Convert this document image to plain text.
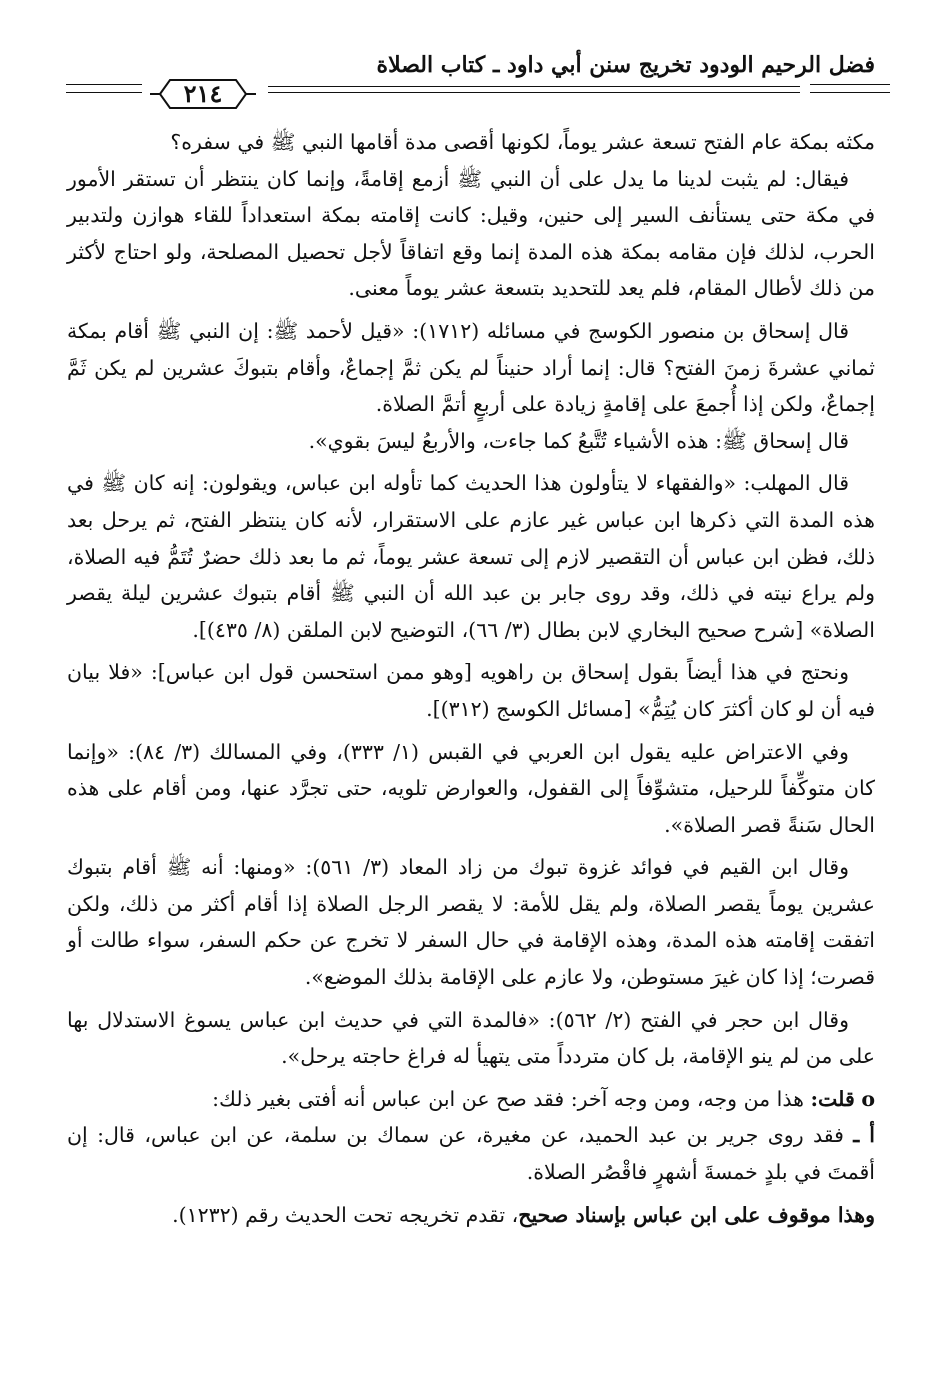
فضل الرحيم الودود تخريج سنن أبي داود ـ كتاب الصلاة
٢١٤

مكثه بمكة عام الفتح تسعة عشر يوماً، لكونها أقصى مدة أقامها النبي ﷺ في سفره؟

فيقال: لم يثبت لدينا ما يدل على أن النبي ﷺ أزمع إقامةً، وإنما كان ينتظر أن تستقر الأمور في مكة حتى يستأنف السير إلى حنين، وقيل: كانت إقامته بمكة استعداداً للقاء هوازن ولتدبير الحرب، لذلك فإن مقامه بمكة هذه المدة إنما وقع اتفاقاً لأجل تحصيل المصلحة، ولو احتاج لأكثر من ذلك لأطال المقام، فلم يعد للتحديد بتسعة عشر يوماً معنى.

قال إسحاق بن منصور الكوسج في مسائله (١٧١٢): «قيل لأحمد ﷺ: إن النبي ﷺ أقام بمكة ثماني عشرةَ زمنَ الفتح؟ قال: إنما أراد حنيناً لم يكن ثمَّ إجماعٌ، وأقام بتبوكَ عشرين لم يكن ثَمَّ إجماعٌ، ولكن إذا أُجمعَ على إقامةٍ زيادة على أربعٍ أتمَّ الصلاة.

قال إسحاق ﷺ: هذه الأشياء تُتَّبعُ كما جاءت، والأربعُ ليسَ بقوي».

قال المهلب: «والفقهاء لا يتأولون هذا الحديث كما تأوله ابن عباس، ويقولون: إنه كان ﷺ في هذه المدة التي ذكرها ابن عباس غير عازم على الاستقرار، لأنه كان ينتظر الفتح، ثم يرحل بعد ذلك، فظن ابن عباس أن التقصير لازم إلى تسعة عشر يوماً، ثم ما بعد ذلك حضرٌ تُتَمُّ فيه الصلاة، ولم يراع نيته في ذلك، وقد روى جابر بن عبد الله أن النبي ﷺ أقام بتبوك عشرين ليلة يقصر الصلاة» [شرح صحيح البخاري لابن بطال (٣/ ٦٦)، التوضيح لابن الملقن (٨/ ٤٣٥)].

ونحتج في هذا أيضاً بقول إسحاق بن راهويه [وهو ممن استحسن قول ابن عباس]: «فلا بيان فيه أن لو كان أكثرَ كان يُتِمُّ» [مسائل الكوسج (٣١٢)].

وفي الاعتراض عليه يقول ابن العربي في القبس (١/ ٣٣٣)، وفي المسالك (٣/ ٨٤): «وإنما كان متوكِّفاً للرحيل، متشوِّفاً إلى القفول، والعوارض تلويه، حتى تجرَّد عنها، ومن أقام على هذه الحال سَنةً قصر الصلاة».

وقال ابن القيم في فوائد غزوة تبوك من زاد المعاد (٣/ ٥٦١): «ومنها: أنه ﷺ أقام بتبوك عشرين يوماً يقصر الصلاة، ولم يقل للأمة: لا يقصر الرجل الصلاة إذا أقام أكثر من ذلك، ولكن اتفقت إقامته هذه المدة، وهذه الإقامة في حال السفر لا تخرج عن حكم السفر، سواء طالت أو قصرت؛ إذا كان غيرَ مستوطن، ولا عازم على الإقامة بذلك الموضع».

وقال ابن حجر في الفتح (٢/ ٥٦٢): «فالمدة التي في حديث ابن عباس يسوغ الاستدلال بها على من لم ينو الإقامة، بل كان متردداً متى يتهيأ له فراغ حاجته يرحل».

o قلت: هذا من وجه، ومن وجه آخر: فقد صح عن ابن عباس أنه أفتى بغير ذلك:

أ ـ فقد روى جرير بن عبد الحميد، عن مغيرة، عن سماك بن سلمة، عن ابن عباس، قال: إن أقمتَ في بلدٍ خمسةَ أشهرٍ فاقْصُر الصلاة.

وهذا موقوف على ابن عباس بإسناد صحيح، تقدم تخريجه تحت الحديث رقم (١٢٣٢).
